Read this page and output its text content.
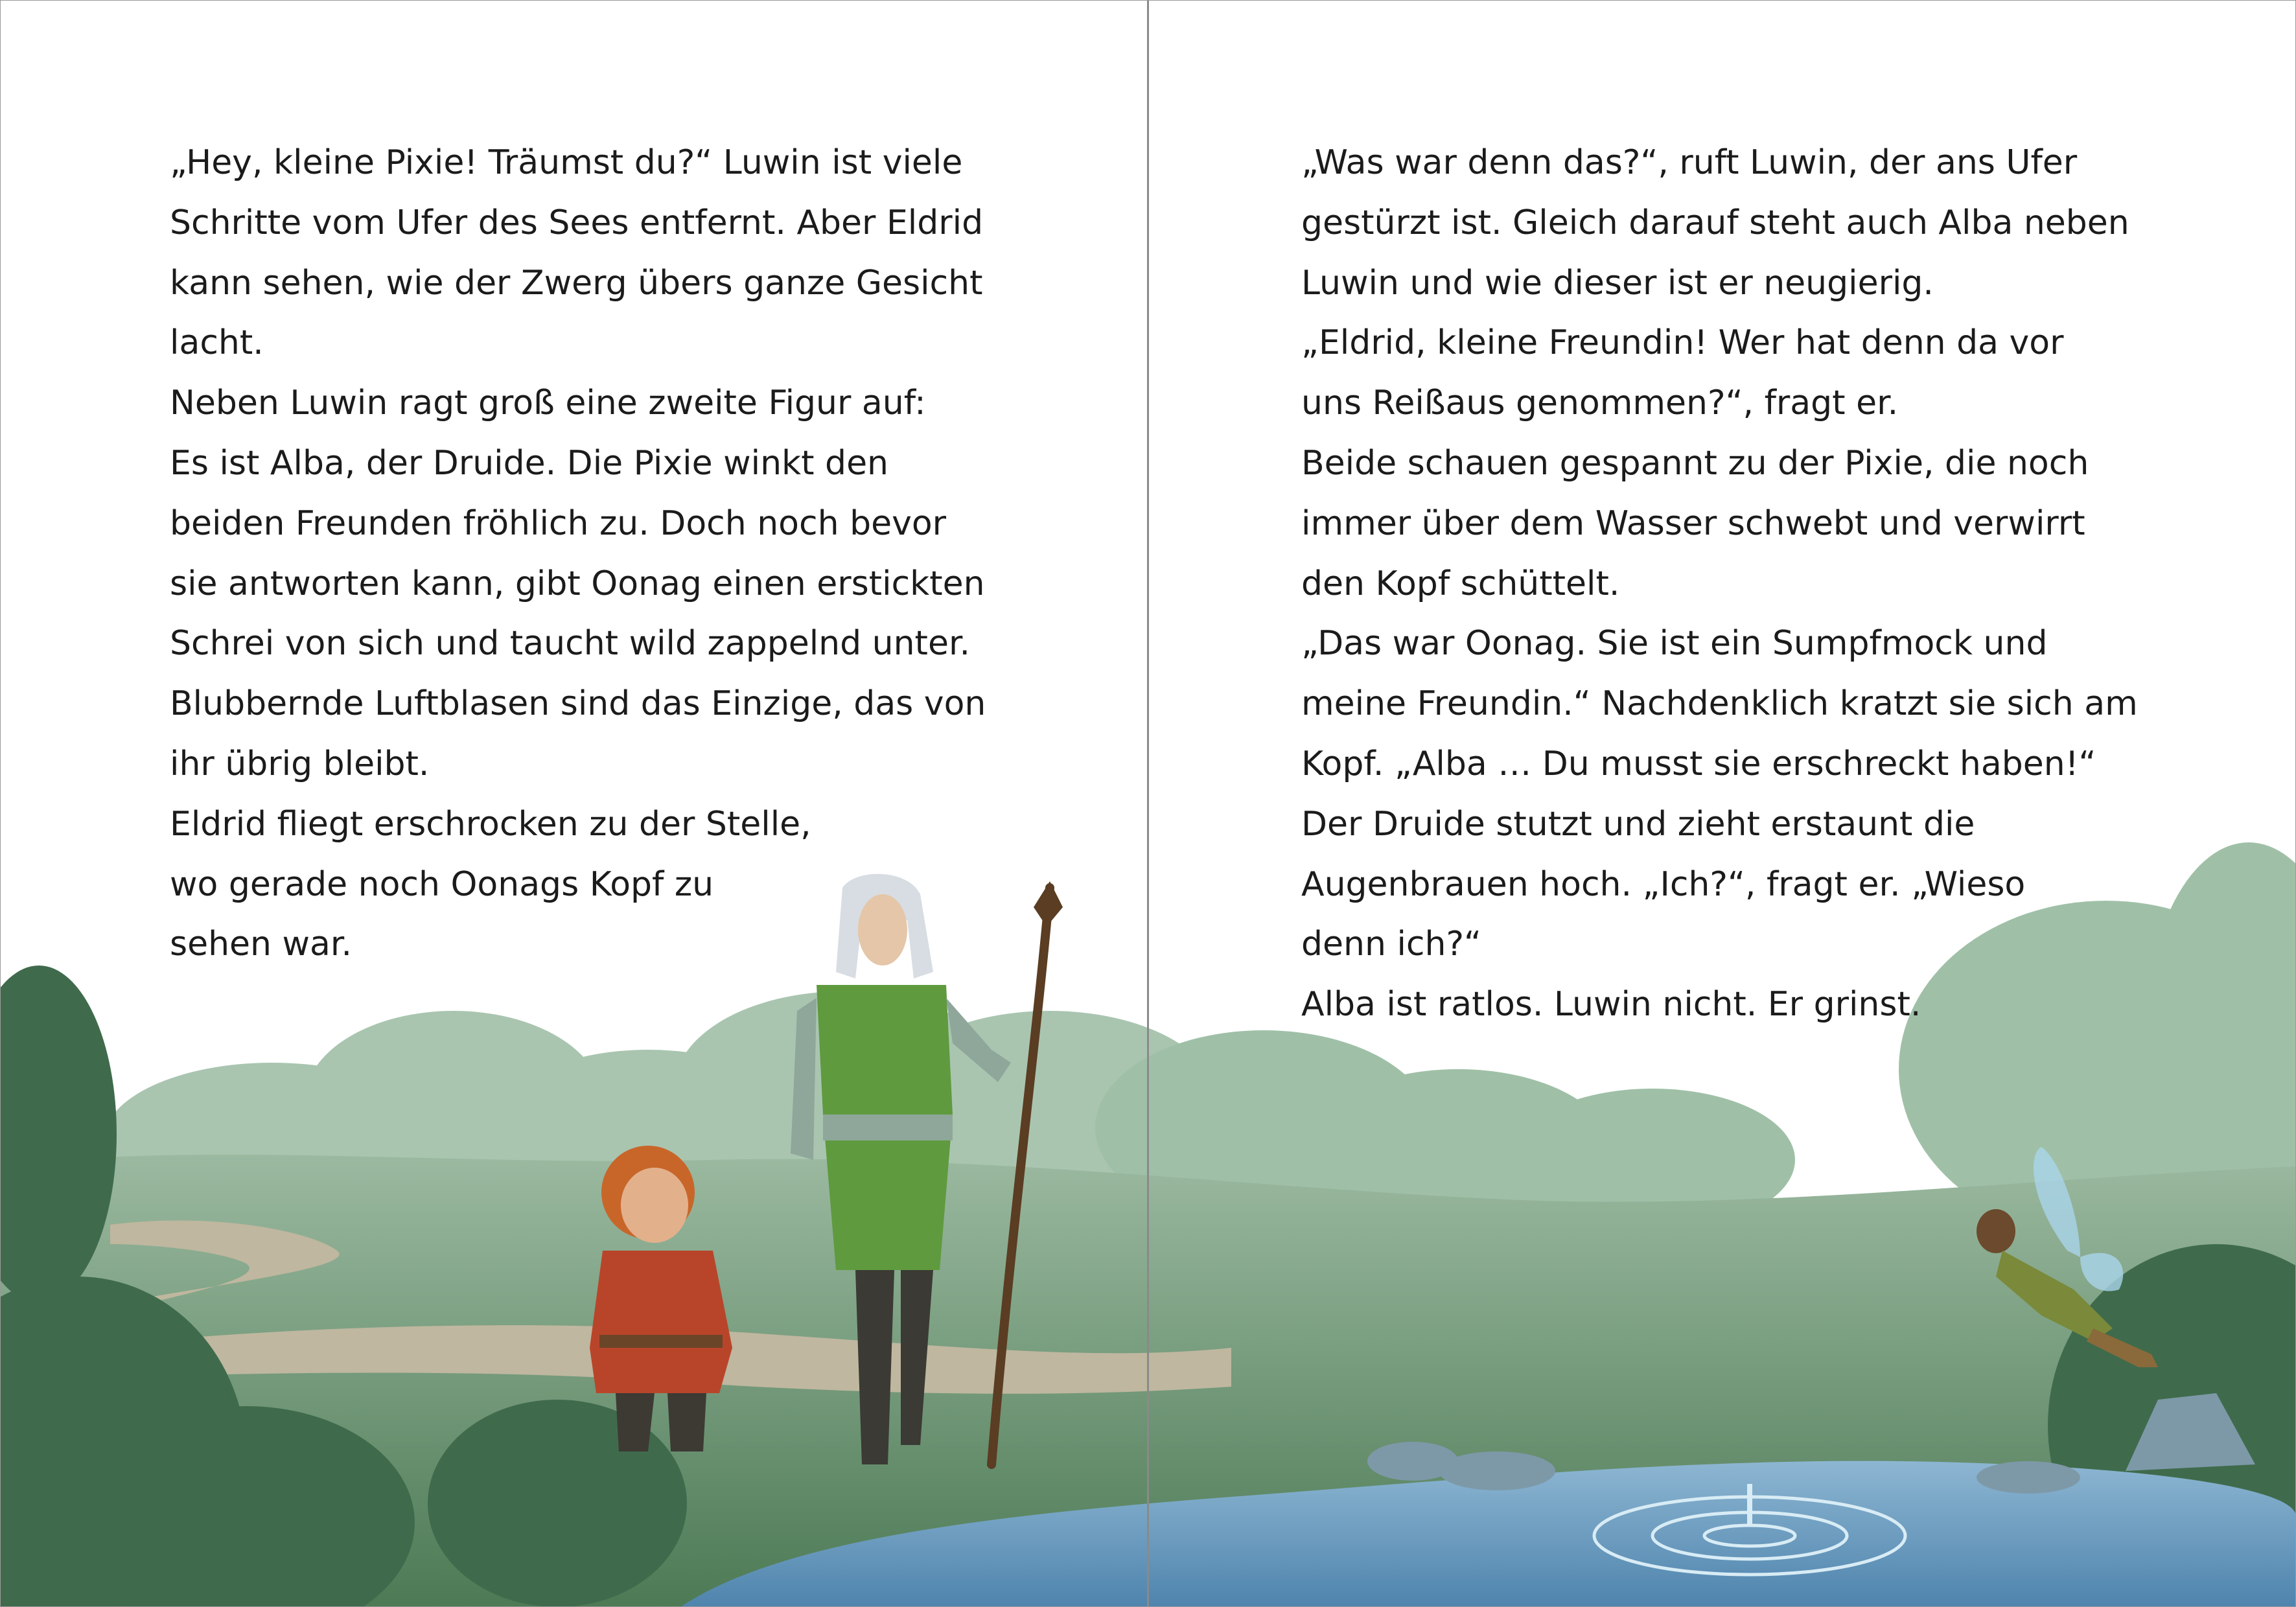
„Hey, kleine Pixie! Träumst du?“ Luwin ist viele
Schritte vom Ufer des Sees entfernt. Aber Eldrid
kann sehen, wie der Zwerg übers ganze Gesicht
lacht.
Neben Luwin ragt groß eine zweite Figur auf:
Es ist Alba, der Druide. Die Pixie winkt den
beiden Freunden fröhlich zu. Doch noch bevor
sie antworten kann, gibt Oonag einen erstickten
Schrei von sich und taucht wild zappelnd unter.
Blubbernde Luftblasen sind das Einzige, das von
ihr übrig bleibt.
Eldrid fliegt erschrocken zu der Stelle,
wo gerade noch Oonags Kopf zu
sehen war.
„Was war denn das?“, ruft Luwin, der ans Ufer
gestürzt ist. Gleich darauf steht auch Alba neben
Luwin und wie dieser ist er neugierig.
„Eldrid, kleine Freundin! Wer hat denn da vor
uns Reißaus genommen?“, fragt er.
Beide schauen gespannt zu der Pixie, die noch
immer über dem Wasser schwebt und verwirrt
den Kopf schüttelt.
„Das war Oonag. Sie ist ein Sumpfmock und
meine Freundin.“ Nachdenklich kratzt sie sich am
Kopf. „Alba … Du musst sie erschreckt haben!“
Der Druide stutzt und zieht erstaunt die
Augenbrauen hoch. „Ich?“, fragt er. „Wieso
denn ich?“
Alba ist ratlos. Luwin nicht. Er grinst.
